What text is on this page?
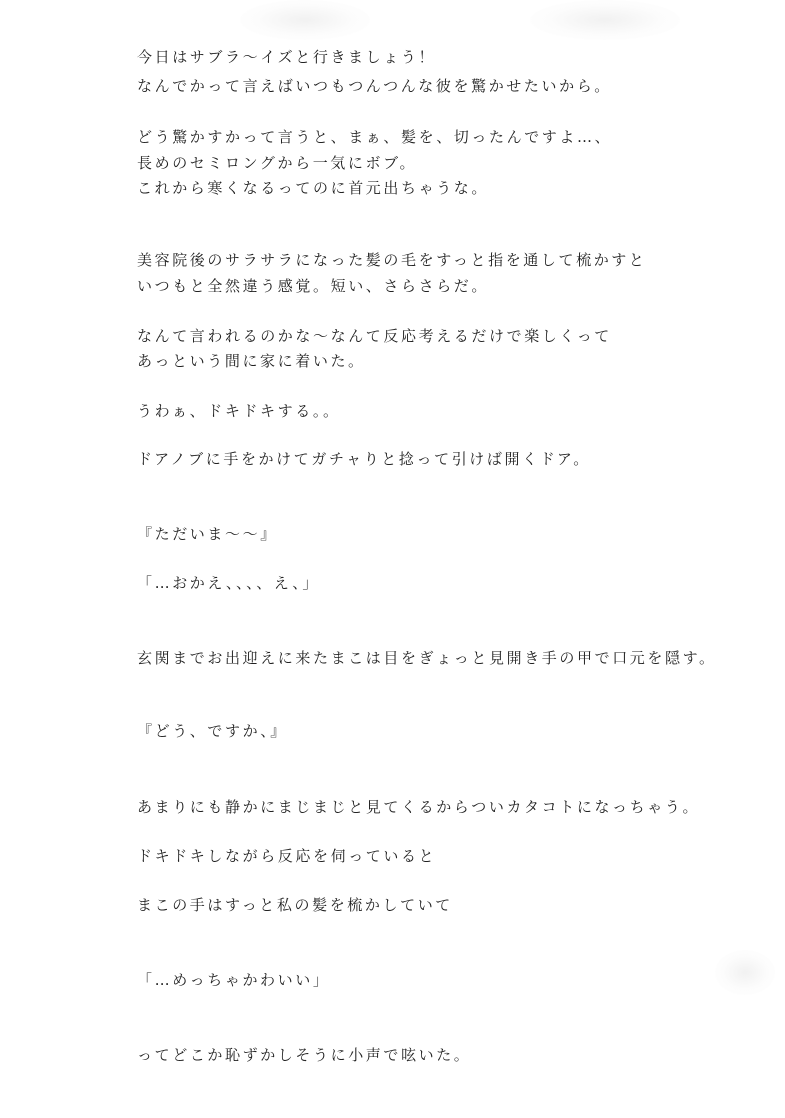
今日はサブラ〜イズと行きましょう！
なんでかって言えばいつもつんつんな彼を驚かせたいから。
どう驚かすかって言うと、まぁ、髪を、切ったんですよ…、
長めのセミロングから一気にボブ。
これから寒くなるってのに首元出ちゃうな。
美容院後のサラサラになった髪の毛をすっと指を通して梳かすと
いつもと全然違う感覚。短い、さらさらだ。
なんて言われるのかな〜なんて反応考えるだけで楽しくって
あっという間に家に着いた。
うわぁ、ドキドキする。。
ドアノブに手をかけてガチャりと捻って引けば開くドア。
『ただいま〜〜』
「…おかえ、、、、え、」
玄関までお出迎えに来たまこは目をぎょっと見開き手の甲で口元を隠す。
『どう、ですか、』
あまりにも静かにまじまじと見てくるからついカタコトになっちゃう。
ドキドキしながら反応を伺っていると
まこの手はすっと私の髪を梳かしていて
「…めっちゃかわいい」
ってどこか恥ずかしそうに小声で呟いた。
